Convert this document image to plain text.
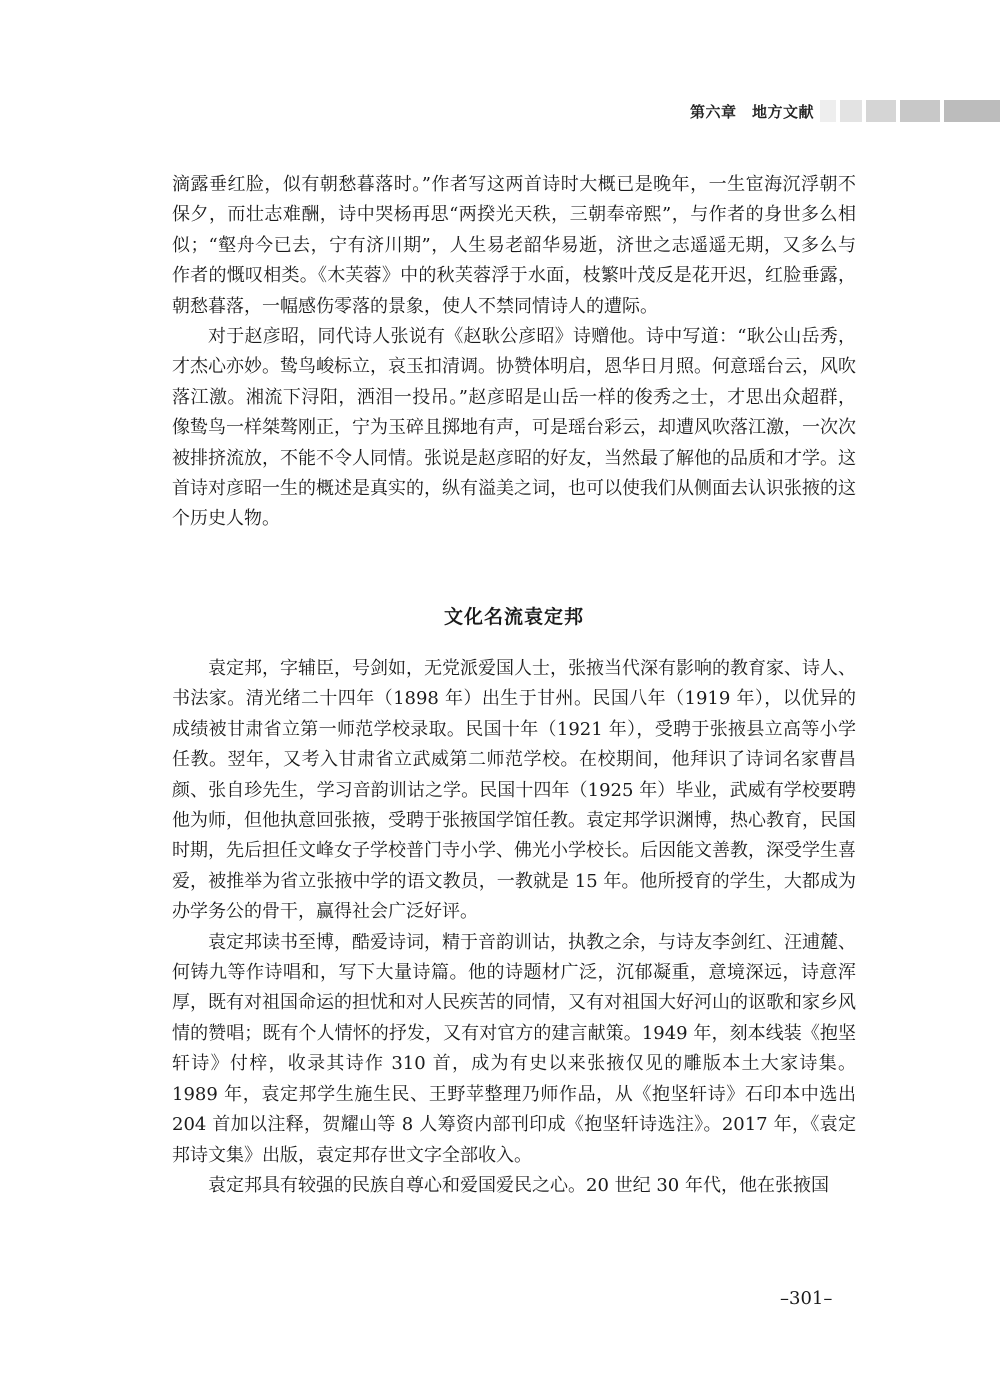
第六章　地方文献

滴露垂红脸，似有朝愁暮落时。”作者写这两首诗时大概已是晚年，一生宦海沉浮朝不保夕，而壮志难酬，诗中哭杨再思“两揆光天秩，三朝奉帝熙”，与作者的身世多么相似；“壑舟今已去，宁有济川期”，人生易老韶华易逝，济世之志遥遥无期，又多么与作者的慨叹相类。《木芙蓉》中的秋芙蓉浮于水面，枝繁叶茂反是花开迟，红脸垂露，朝愁暮落，一幅感伤零落的景象，使人不禁同情诗人的遭际。

对于赵彦昭，同代诗人张说有《赵耿公彦昭》诗赠他。诗中写道：“耿公山岳秀，才杰心亦妙。鸷鸟峻标立，哀玉扣清调。协赞体明启，恩华日月照。何意瑶台云，风吹落江激。湘流下浔阳，洒泪一投吊。”赵彦昭是山岳一样的俊秀之士，才思出众超群，像鸷鸟一样桀骜刚正，宁为玉碎且掷地有声，可是瑶台彩云，却遭风吹落江激，一次次被排挤流放，不能不令人同情。张说是赵彦昭的好友，当然最了解他的品质和才学。这首诗对彦昭一生的概述是真实的，纵有溢美之词，也可以使我们从侧面去认识张掖的这个历史人物。

文化名流袁定邦

袁定邦，字辅臣，号剑如，无党派爱国人士，张掖当代深有影响的教育家、诗人、书法家。清光绪二十四年（1898 年）出生于甘州。民国八年（1919 年），以优异的成绩被甘肃省立第一师范学校录取。民国十年（1921 年），受聘于张掖县立高等小学任教。翌年，又考入甘肃省立武威第二师范学校。在校期间，他拜识了诗词名家曹昌颜、张自珍先生，学习音韵训诂之学。民国十四年（1925 年）毕业，武威有学校要聘他为师，但他执意回张掖，受聘于张掖国学馆任教。袁定邦学识渊博，热心教育，民国时期，先后担任文峰女子学校普门寺小学、佛光小学校长。后因能文善教，深受学生喜爱，被推举为省立张掖中学的语文教员，一教就是 15 年。他所授育的学生，大都成为办学务公的骨干，赢得社会广泛好评。

袁定邦读书至博，酷爱诗词，精于音韵训诂，执教之余，与诗友李剑红、汪逋麓、何铸九等作诗唱和，写下大量诗篇。他的诗题材广泛，沉郁凝重，意境深远，诗意浑厚，既有对祖国命运的担忧和对人民疾苦的同情，又有对祖国大好河山的讴歌和家乡风情的赞唱；既有个人情怀的抒发，又有对官方的建言献策。1949 年，刻本线装《抱坚轩诗》付梓，收录其诗作 310 首，成为有史以来张掖仅见的雕版本土大家诗集。1989 年，袁定邦学生施生民、王野苹整理乃师作品，从《抱坚轩诗》石印本中选出 204 首加以注释，贺耀山等 8 人筹资内部刊印成《抱坚轩诗选注》。2017 年，《袁定邦诗文集》出版，袁定邦存世文字全部收入。

袁定邦具有较强的民族自尊心和爱国爱民之心。20 世纪 30 年代，他在张掖国

–301–
